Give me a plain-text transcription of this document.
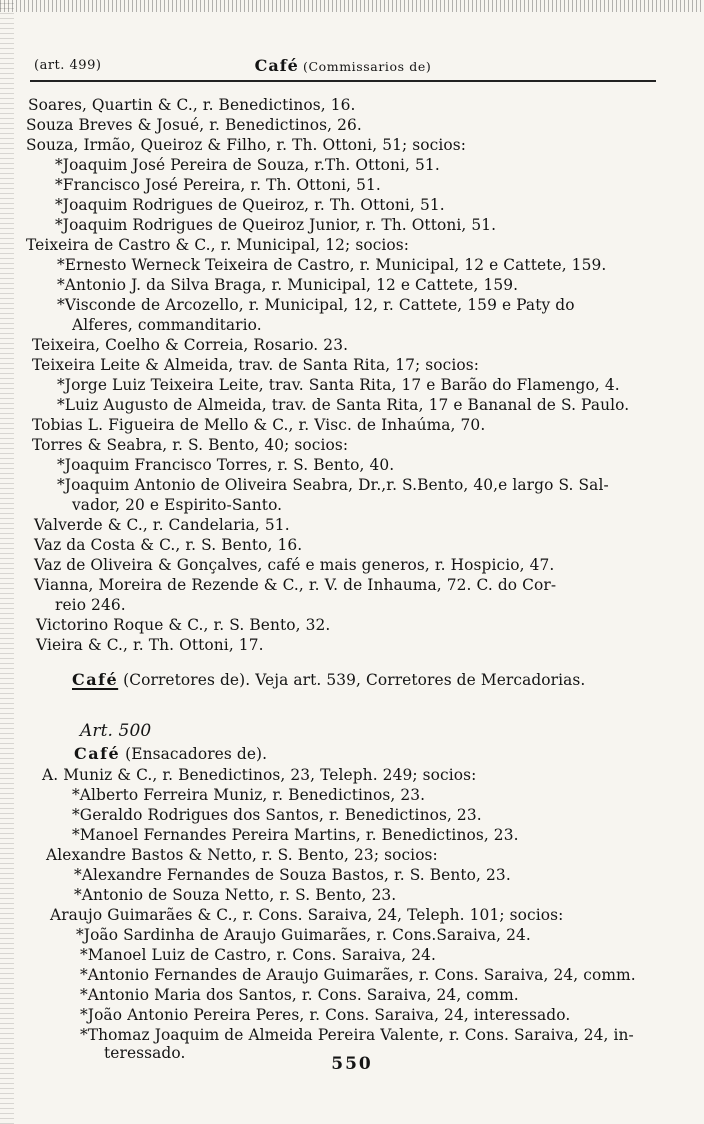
(art. 499)	Café (Commissarios de)
Soares, Quartin & C., r. Benedictinos, 16.
Souza Breves & Josué, r. Benedictinos, 26.
Souza, Irmão, Queiroz & Filho, r. Th. Ottoni, 51; socios:
*Joaquim José Pereira de Souza, r.Th. Ottoni, 51.
*Francisco José Pereira, r. Th. Ottoni, 51.
*Joaquim Rodrigues de Queiroz, r. Th. Ottoni, 51.
*Joaquim Rodrigues de Queiroz Junior, r. Th. Ottoni, 51.
Teixeira de Castro & C., r. Municipal, 12; socios:
*Ernesto Werneck Teixeira de Castro, r. Municipal, 12 e Cattete, 159.
*Antonio J. da Silva Braga, r. Municipal, 12 e Cattete, 159.
*Visconde de Arcozello, r. Municipal, 12, r. Cattete, 159 e Paty do
Alferes, commanditario.
Teixeira, Coelho & Correia, Rosario. 23.
Teixeira Leite & Almeida, trav. de Santa Rita, 17; socios:
*Jorge Luiz Teixeira Leite, trav. Santa Rita, 17 e Barão do Flamengo, 4.
*Luiz Augusto de Almeida, trav. de Santa Rita, 17 e Bananal de S. Paulo.
Tobias L. Figueira de Mello & C., r. Visc. de Inhaúma, 70.
Torres & Seabra, r. S. Bento, 40; socios:
*Joaquim Francisco Torres, r. S. Bento, 40.
*Joaquim Antonio de Oliveira Seabra, Dr.,r. S.Bento, 40,e largo S. Sal-
vador, 20 e Espirito-Santo.
Valverde & C., r. Candelaria, 51.
Vaz da Costa & C., r. S. Bento, 16.
Vaz de Oliveira & Gonçalves, café e mais generos, r. Hospicio, 47.
Vianna, Moreira de Rezende & C., r. V. de Inhauma, 72. C. do Cor-
reio 246.
Victorino Roque & C., r. S. Bento, 32.
Vieira & C., r. Th. Ottoni, 17.
Café (Corretores de). Veja art. 539, Corretores de Mercadorias.
Art. 500
Café (Ensacadores de).
A. Muniz & C., r. Benedictinos, 23, Teleph. 249; socios:
*Alberto Ferreira Muniz, r. Benedictinos, 23.
*Geraldo Rodrigues dos Santos, r. Benedictinos, 23.
*Manoel Fernandes Pereira Martins, r. Benedictinos, 23.
Alexandre Bastos & Netto, r. S. Bento, 23; socios:
*Alexandre Fernandes de Souza Bastos, r. S. Bento, 23.
*Antonio de Souza Netto, r. S. Bento, 23.
Araujo Guimarães & C., r. Cons. Saraiva, 24, Teleph. 101; socios:
*João Sardinha de Araujo Guimarães, r. Cons.Saraiva, 24.
*Manoel Luiz de Castro, r. Cons. Saraiva, 24.
*Antonio Fernandes de Araujo Guimarães, r. Cons. Saraiva, 24, comm.
*Antonio Maria dos Santos, r. Cons. Saraiva, 24, comm.
*João Antonio Pereira Peres, r. Cons. Saraiva, 24, interessado.
*Thomaz Joaquim de Almeida Pereira Valente, r. Cons. Saraiva, 24, in-
teressado.
550
